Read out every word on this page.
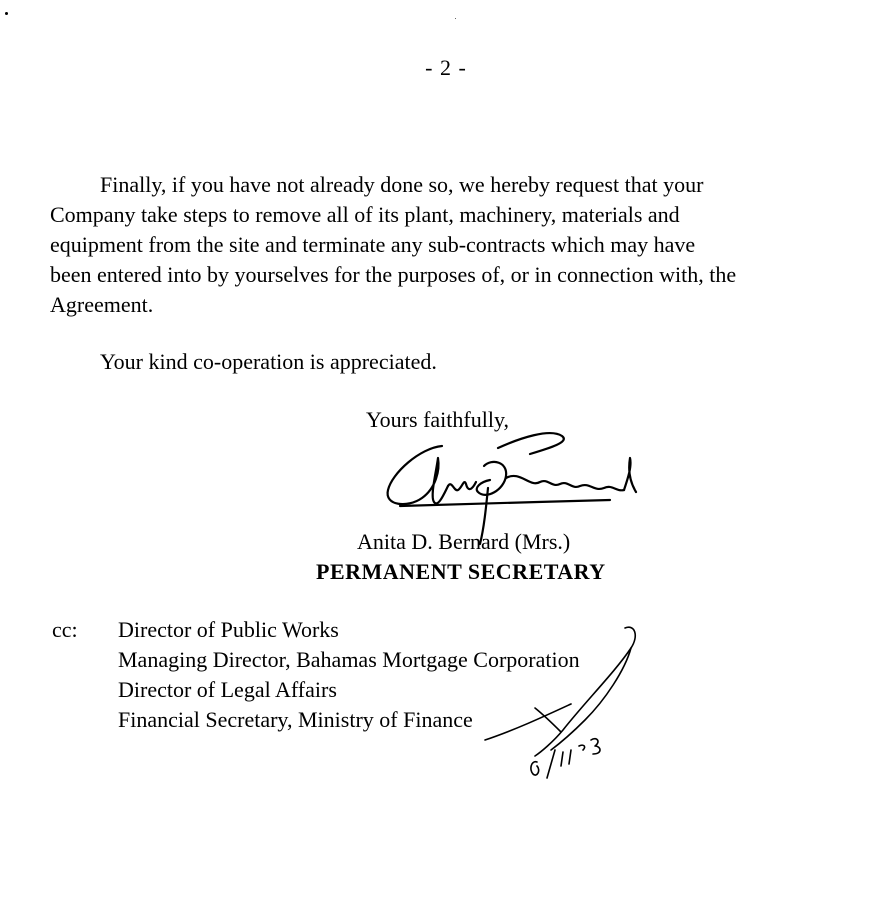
- 2 -

Finally, if you have not already done so, we hereby request that your
Company take steps to remove all of its plant, machinery, materials and
equipment from the site and terminate any sub-contracts which may have
been entered into by yourselves for the purposes of, or in connection with, the
Agreement.

Your kind co-operation is appreciated.

Yours faithfully,

Anita D. Bernard (Mrs.)
PERMANENT SECRETARY
cc: Director of Public Works
Managing Director, Bahamas Mortgage Corporation
Director of Legal Affairs
Financial Secretary, Ministry of Finance
